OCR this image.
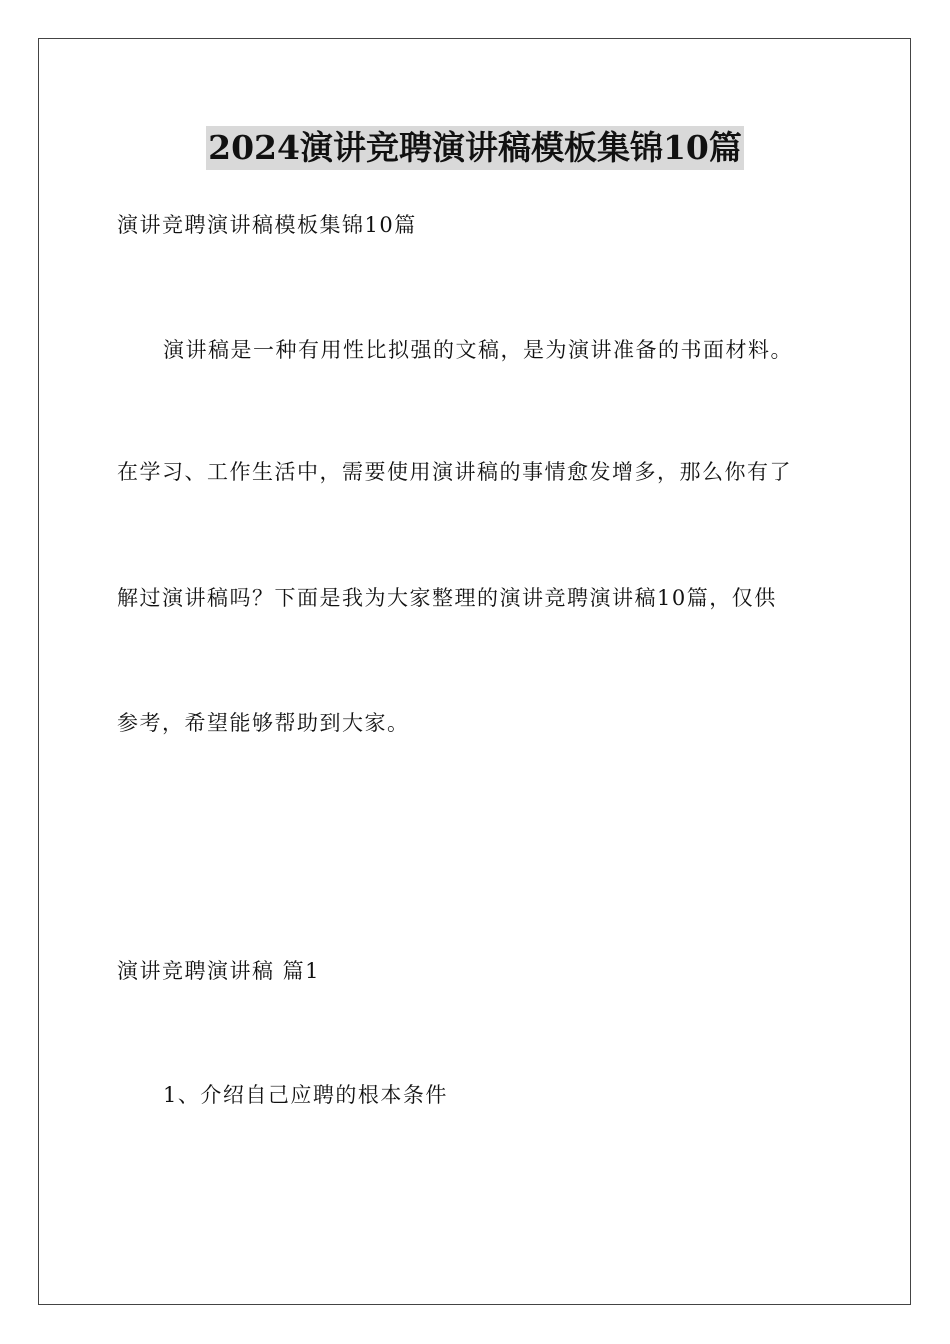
2024演讲竞聘演讲稿模板集锦10篇
演讲竞聘演讲稿模板集锦10篇
演讲稿是一种有用性比拟强的文稿，是为演讲准备的书面材料。
在学习、工作生活中，需要使用演讲稿的事情愈发增多，那么你有了
解过演讲稿吗？下面是我为大家整理的演讲竞聘演讲稿10篇，仅供
参考，希望能够帮助到大家。
演讲竞聘演讲稿 篇1
1、介绍自己应聘的根本条件
